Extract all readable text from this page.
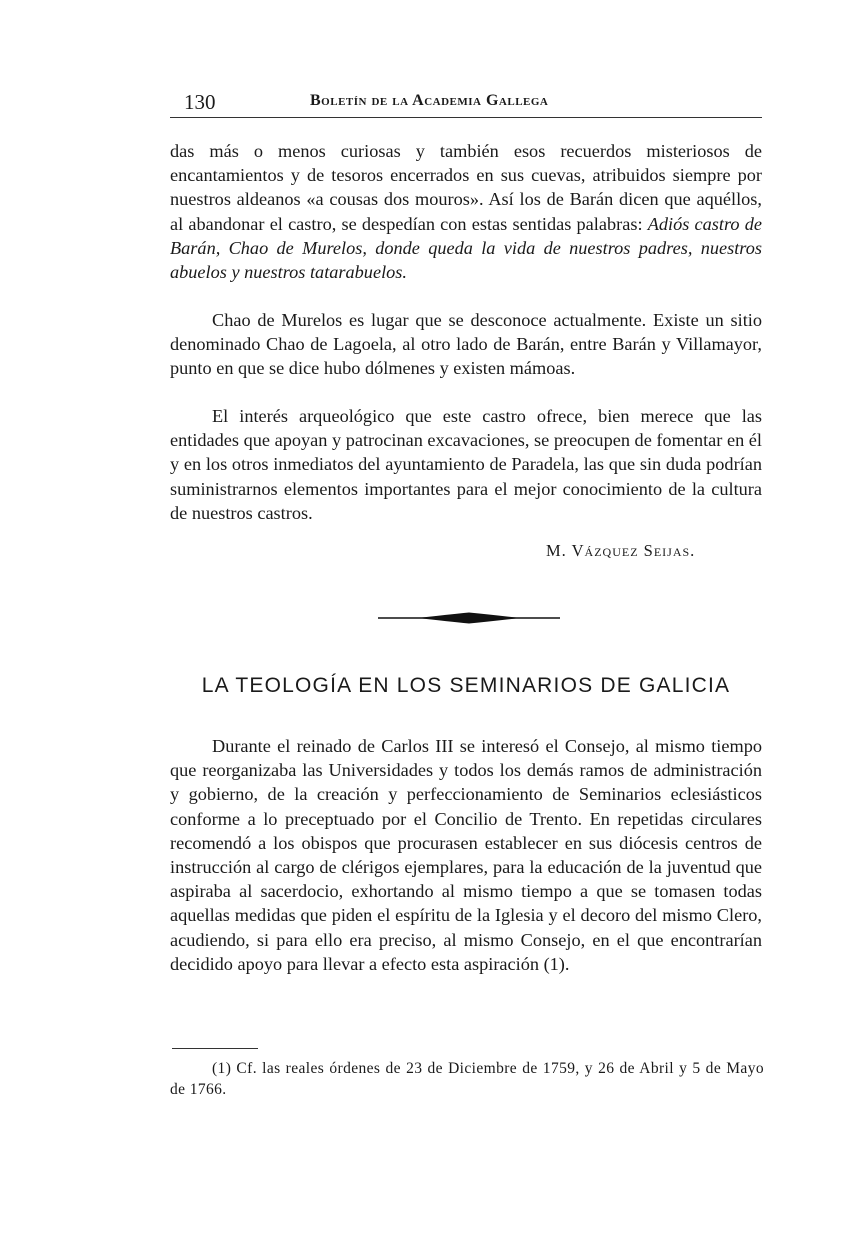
130	Boletín de la Academia Gallega

das más o menos curiosas y también esos recuerdos misteriosos de encantamientos y de tesoros encerrados en sus cuevas, atribuidos siempre por nuestros aldeanos «a cousas dos mouros». Así los de Barán dicen que aquéllos, al abandonar el castro, se despedían con estas sentidas palabras: Adiós castro de Barán, Chao de Murelos, donde queda la vida de nuestros padres, nuestros abuelos y nuestros tatarabuelos.

Chao de Murelos es lugar que se desconoce actualmente. Existe un sitio denominado Chao de Lagoela, al otro lado de Barán, entre Barán y Villamayor, punto en que se dice hubo dólmenes y existen mámoas.

El interés arqueológico que este castro ofrece, bien merece que las entidades que apoyan y patrocinan excavaciones, se preocupen de fomentar en él y en los otros inmediatos del ayuntamiento de Paradela, las que sin duda podrían suministrarnos elementos importantes para el mejor conocimiento de la cultura de nuestros castros.

M. Vázquez Seijas.
LA TEOLOGÍA EN LOS SEMINARIOS DE GALICIA

Durante el reinado de Carlos III se interesó el Consejo, al mismo tiempo que reorganizaba las Universidades y todos los demás ramos de administración y gobierno, de la creación y perfeccionamiento de Seminarios eclesiásticos conforme a lo preceptuado por el Concilio de Trento. En repetidas circulares recomendó a los obispos que procurasen establecer en sus diócesis centros de instrucción al cargo de clérigos ejemplares, para la educación de la juventud que aspiraba al sacerdocio, exhortando al mismo tiempo a que se tomasen todas aquellas medidas que piden el espíritu de la Iglesia y el decoro del mismo Clero, acudiendo, si para ello era preciso, al mismo Consejo, en el que encontrarían decidido apoyo para llevar a efecto esta aspiración (1).

(1) Cf. las reales órdenes de 23 de Diciembre de 1759, y 26 de Abril y 5 de Mayo de 1766.
